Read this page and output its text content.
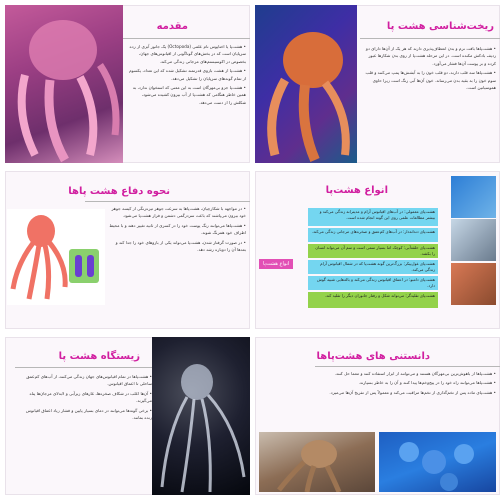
مقدمه

• هشت‌پا یا اختاپوس نام علمی (Octopoda) یک جانور آبزی از رده سرپایان است که در بخش‌های گوناگونی از اقیانوس‌های جهان، بخصوص در اکوسیستم‌های مرجانی زندگی می‌کند.

• هشت‌پا از هشت بازوی قدرتمند تشکیل شده که این تعداد، یکسوم از تمام گونه‌های سرپایان را تشکیل می‌دهد.

• هشت‌پا جزو بی‌مهرگان است به این معنی که استخوان ندارد، به همین خاطر هنگامی که هشت‌پا از آب بیرون کشیده می‌شود، شکلش را از دست می‌دهد.

ریخت‌شناسی هشت پا

• هشت‌پاها بافت نرم و بدن انعطاف‌پذیری دارند که هر یک از آن‌ها دارای دو ردیف بادکش مکنده است. در این مرحله هشت‌پا از روی بدن شکارها عبور کرده و بر پوست آن‌ها فشار می‌آورد.

• هشت‌پاها سه قلب دارند، دو قلب خون را به آبشش‌ها پمپ می‌کنند و قلب سوم خون را به بقیه بدن می‌رساند. خون آن‌ها آبی رنگ است زیرا حاوی هموسیانین است.

نحوه دفاع هشت پاها

• در مواجهه با شکارچیان، هشت‌پاها به سرعت جوهر تیره‌رنگی از کیسه جوهر خود بیرون می‌پاشند که باعث سردرگمی دشمن و فرار هشت‌پا می‌شود.

• هشت‌پاها می‌توانند رنگ پوست خود را در کسری از ثانیه تغییر دهند و با محیط اطراف خود همرنگ شوند.

• در صورت گرفتار شدن، هشت‌پا می‌تواند یکی از بازوهای خود را جدا کند و بعدها آن را دوباره رشد دهد.

انواع هشت‌پا
هشت‌پای معمولی: در آب‌های اقیانوس آرام و مدیترانه زندگی می‌کند و بیشتر مطالعات علمی روی این گونه انجام شده است.
هشت‌پای دندانه‌دار: در آب‌های کم‌عمق و صخره‌های مرجانی زندگی می‌کند.
هشت‌پای حلقه‌آبی: کوچک اما بسیار سمی است و سم آن می‌تواند انسان را بکشد.
هشت‌پای غول‌پیکر: بزرگ‌ترین گونه هشت‌پا که در شمال اقیانوس آرام زندگی می‌کند.
هشت‌پای دامبو: در اعماق اقیانوس زندگی می‌کند و باله‌هایی شبیه گوش دارد.
هشت‌پای تقلیدگر: می‌تواند شکل و رفتار جانوران دیگر را تقلید کند.
انواع هشت‌پا
زیستگاه هشت پا

• هشت‌پاها در تمام اقیانوس‌های جهان زندگی می‌کنند، از آب‌های کم‌عمق ساحلی تا اعماق اقیانوس.

• آن‌ها اغلب در شکاف صخره‌ها، غارهای زیرآبی و لابه‌لای مرجان‌ها پناه می‌گیرند.

• برخی گونه‌ها می‌توانند در دمای بسیار پایین و فشار زیاد اعماق اقیانوس زنده بمانند.

دانستنی های هشت‌پاها

• هشت‌پاها از باهوش‌ترین بی‌مهرگان هستند و می‌توانند از ابزار استفاده کنند و معما حل کنند.

• هشت‌پاها می‌توانند راه خود را در پیچ‌وخم‌ها پیدا کنند و آن را به خاطر بسپارند.

• هشت‌پای ماده پس از تخم‌گذاری از تخم‌ها مراقبت می‌کند و معمولاً پس از تفریخ آن‌ها می‌میرد.
